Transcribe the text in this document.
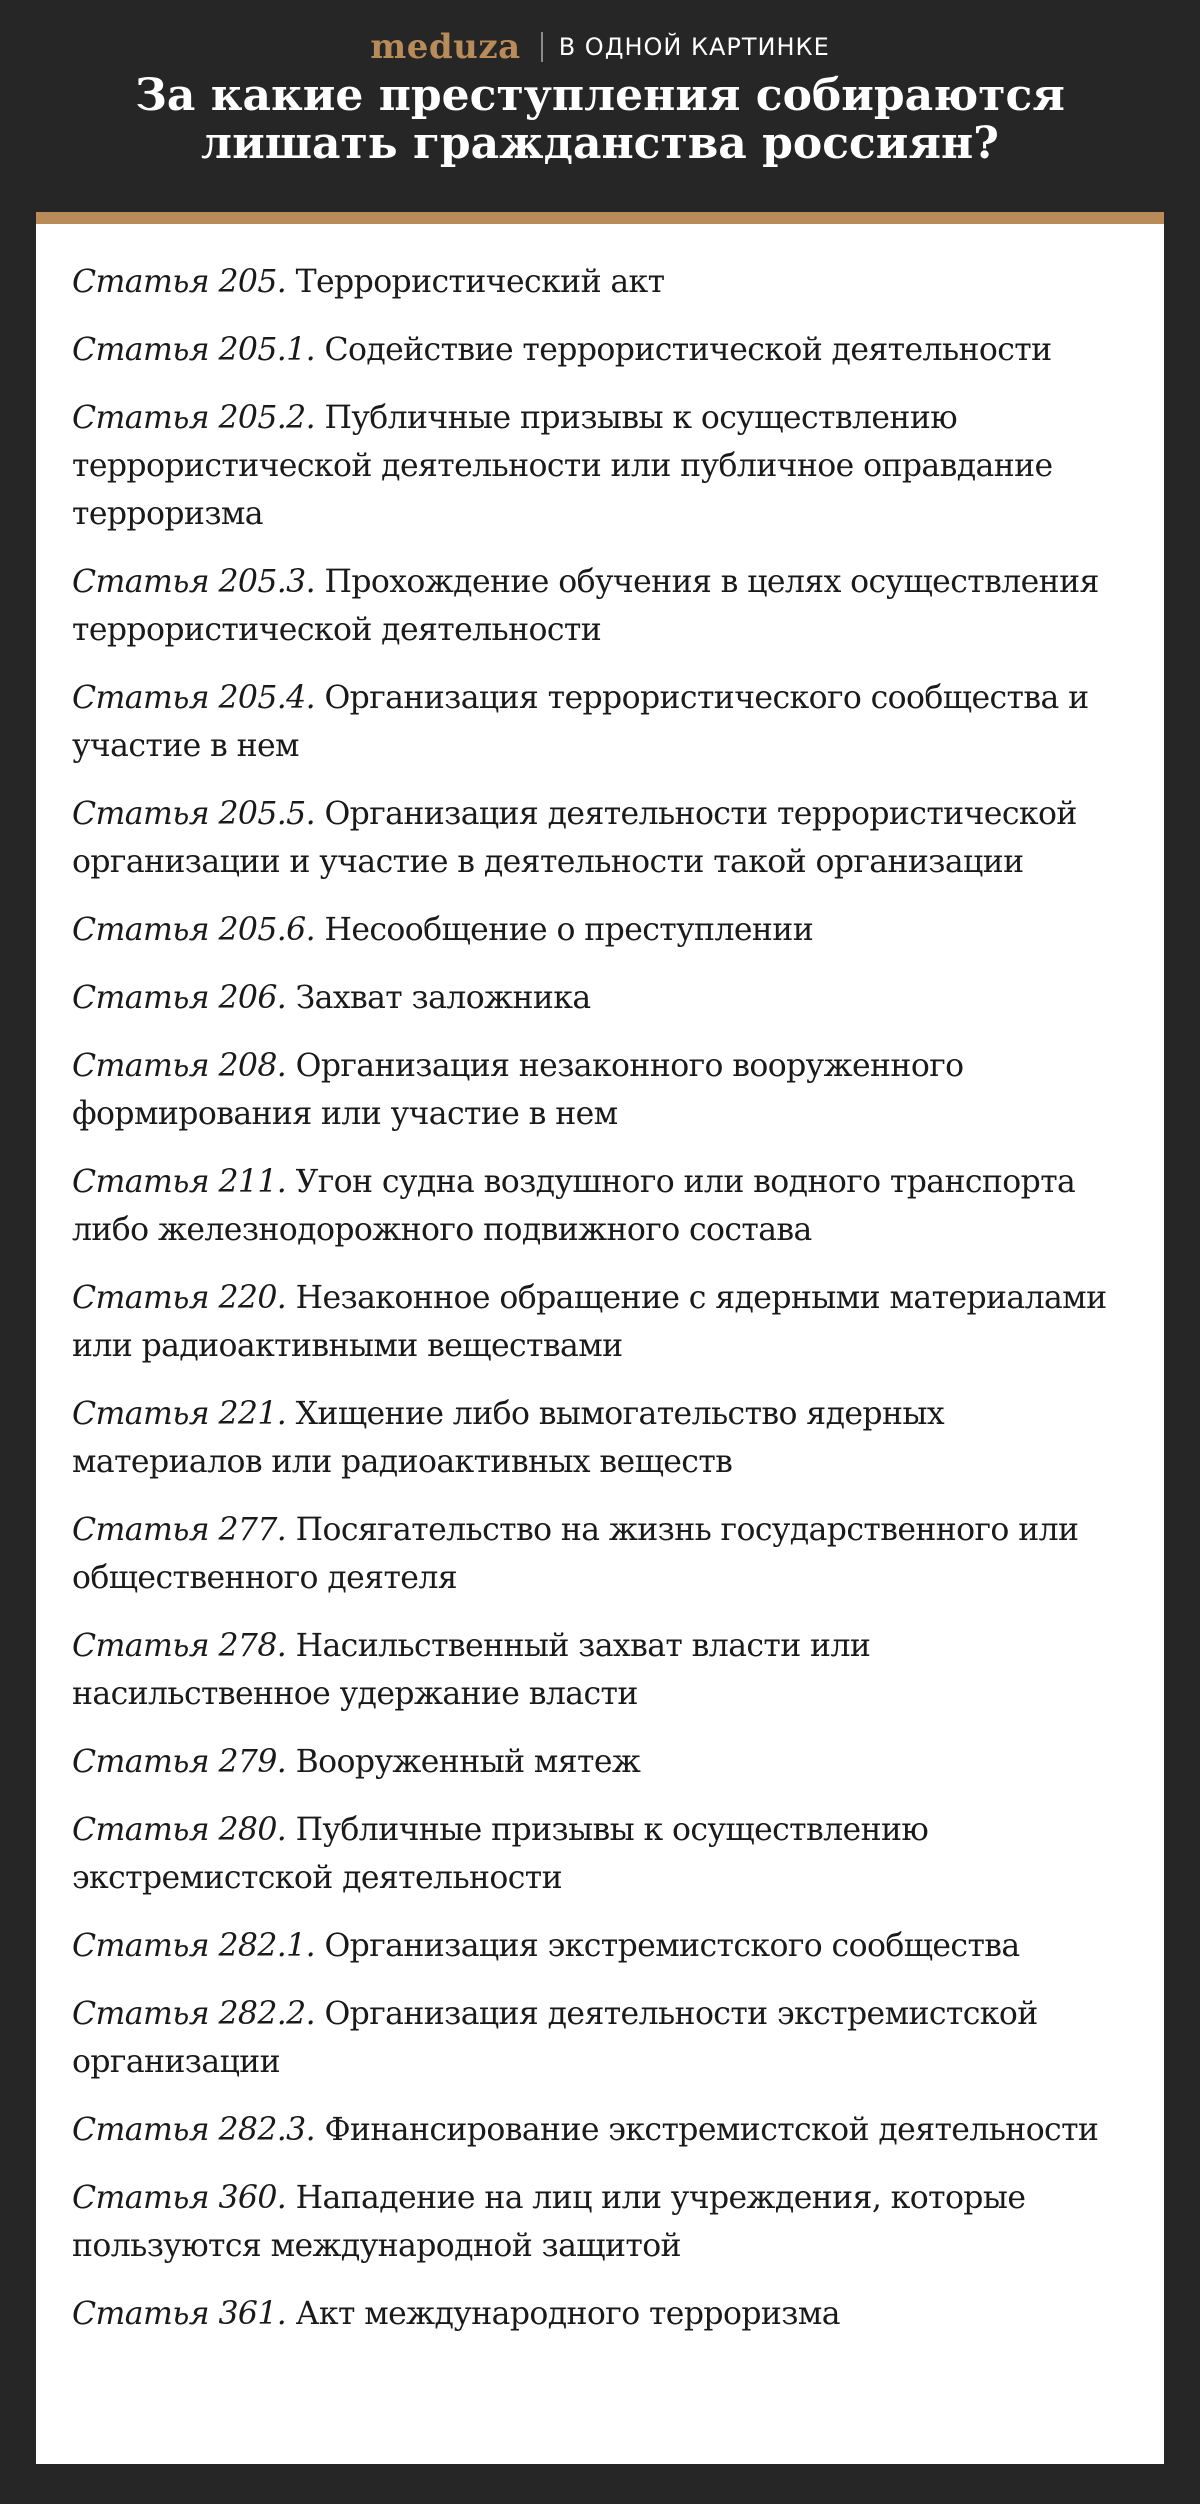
meduza В ОДНОЙ КАРТИНКЕ
За какие преступления собираются
лишать гражданства россиян?
Статья 205. Террористический акт
Статья 205.1. Содействие террористической деятельности
Статья 205.2. Публичные призывы к осуществлению террористической деятельности или публичное оправдание терроризма
Статья 205.3. Прохождение обучения в целях осуществления террористической деятельности
Статья 205.4. Организация террористического сообщества и участие в нем
Статья 205.5. Организация деятельности террористической организации и участие в деятельности такой организации
Статья 205.6. Несообщение о преступлении
Статья 206. Захват заложника
Статья 208. Организация незаконного вооруженного формирования или участие в нем
Статья 211. Угон судна воздушного или водного транспорта либо железнодорожного подвижного состава
Статья 220. Незаконное обращение с ядерными материалами или радиоактивными веществами
Статья 221. Хищение либо вымогательство ядерных материалов или радиоактивных веществ
Статья 277. Посягательство на жизнь государственного или общественного деятеля
Статья 278. Насильственный захват власти или насильственное удержание власти
Статья 279. Вооруженный мятеж
Статья 280. Публичные призывы к осуществлению экстремистской деятельности
Статья 282.1. Организация экстремистского сообщества
Статья 282.2. Организация деятельности экстремистской организации
Статья 282.3. Финансирование экстремистской деятельности
Статья 360. Нападение на лиц или учреждения, которые пользуются международной защитой
Статья 361. Акт международного терроризма
